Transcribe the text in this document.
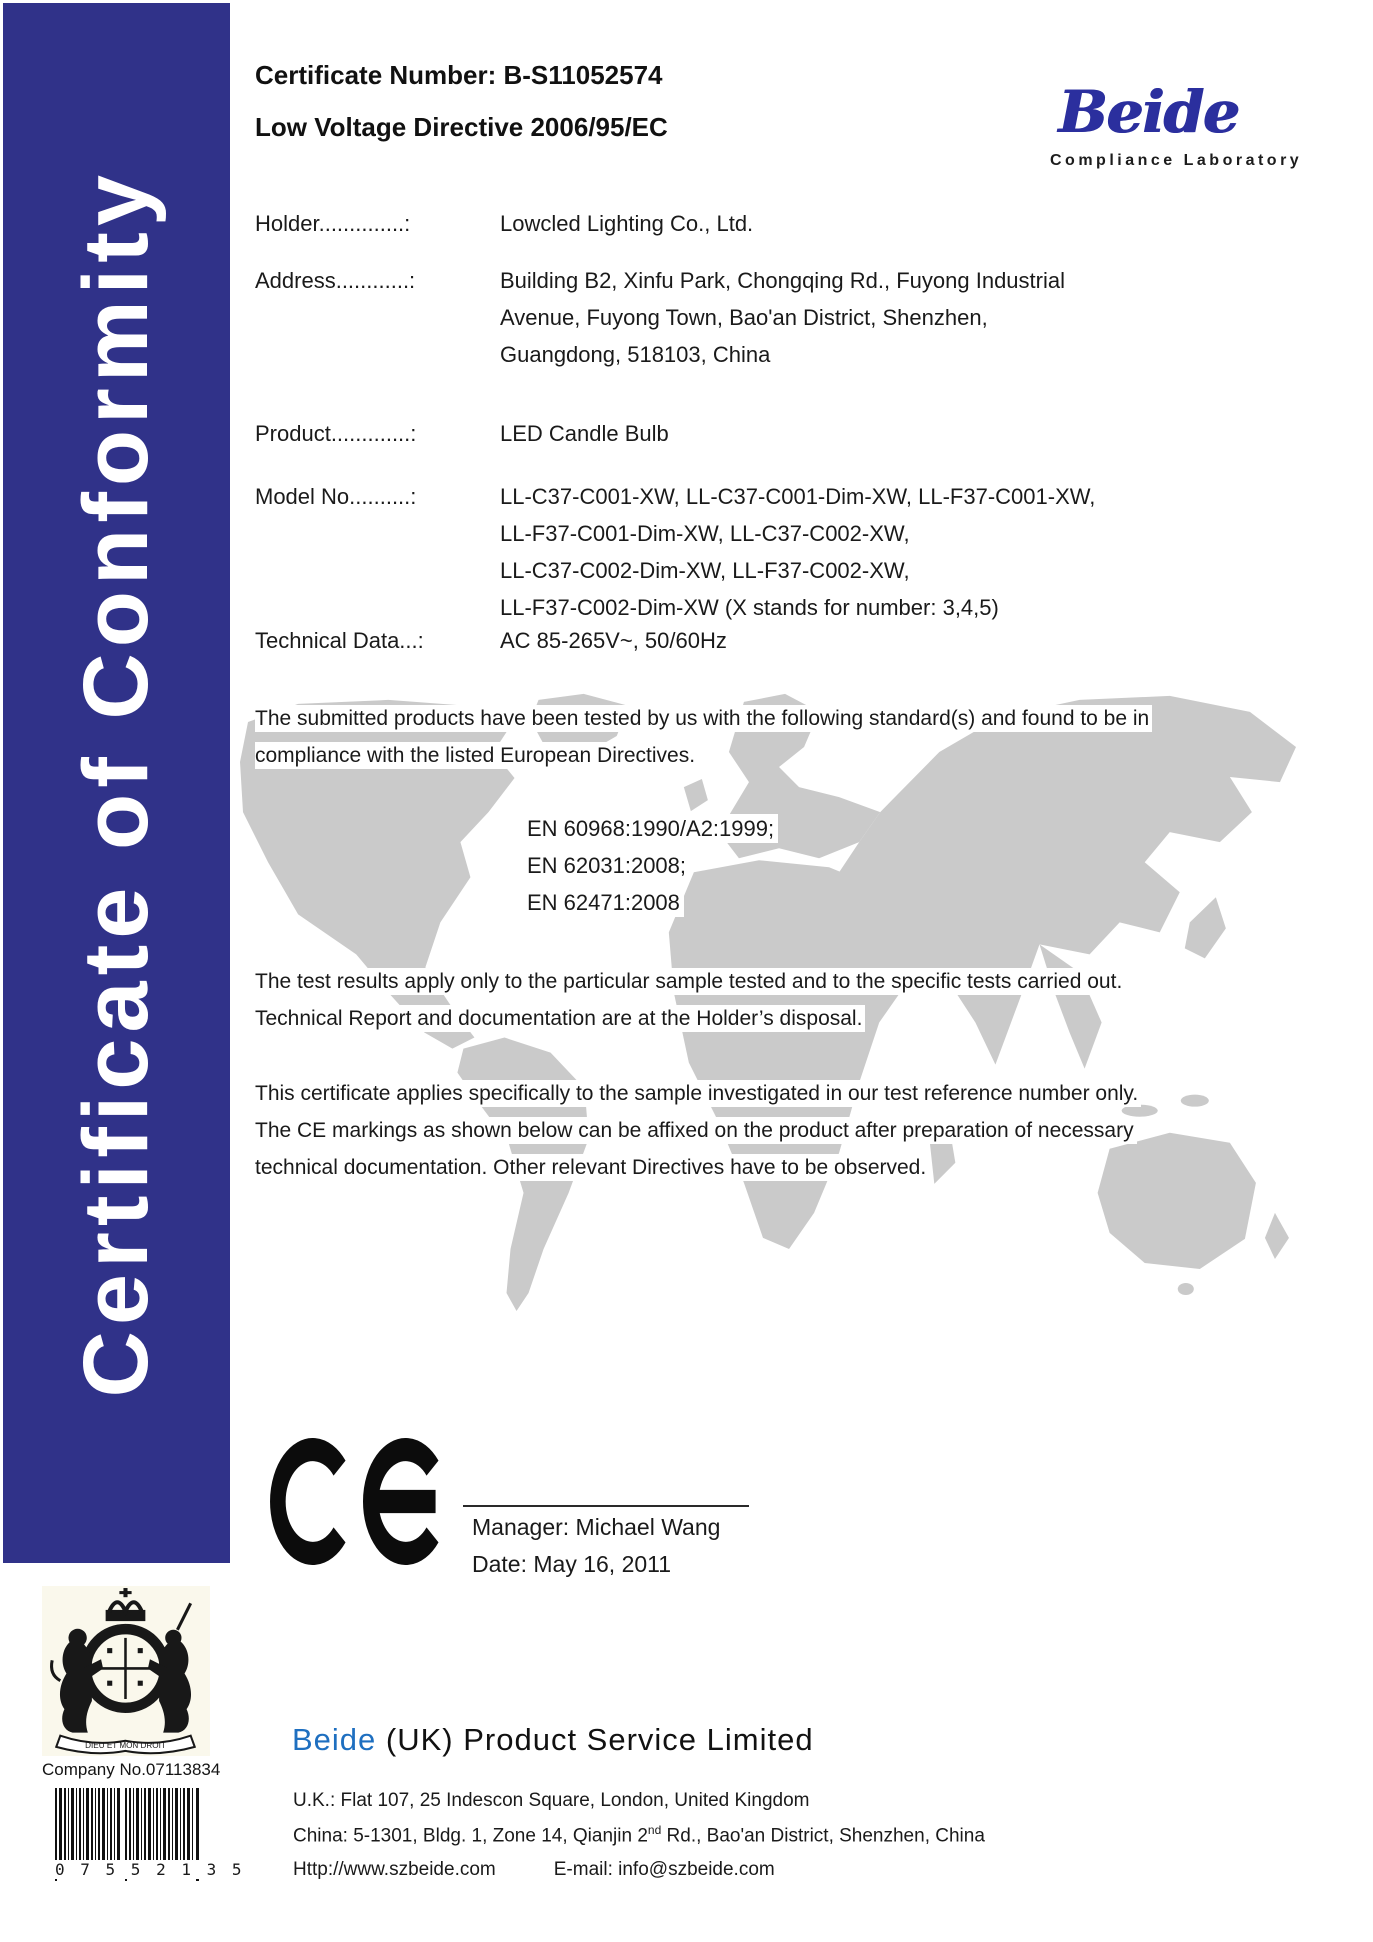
Certificate of Conformity
Certificate Number: B-S11052574
Low Voltage Directive 2006/95/EC	Beide
Compliance Laboratory
Holder..............:	Lowcled Lighting Co., Ltd.
Address............:	Building B2, Xinfu Park, Chongqing Rd., Fuyong Industrial
Avenue, Fuyong Town, Bao'an District, Shenzhen,
Guangdong, 518103, China
Product.............:	LED Candle Bulb
Model No..........:	LL-C37-C001-XW, LL-C37-C001-Dim-XW, LL-F37-C001-XW,
LL-F37-C001-Dim-XW, LL-C37-C002-XW,
LL-C37-C002-Dim-XW, LL-F37-C002-XW,
LL-F37-C002-Dim-XW (X stands for number: 3,4,5)
Technical Data...:	AC 85-265V~, 50/60Hz
The submitted products have been tested by us with the following standard(s) and found to be in
compliance with the listed European Directives.
EN 60968:1990/A2:1999;
EN 62031:2008;
EN 62471:2008
The test results apply only to the particular sample tested and to the specific tests carried out.
Technical Report and documentation are at the Holder’s disposal.
This certificate applies specifically to the sample investigated in our test reference number only.
The CE markings as shown below can be affixed on the product after preparation of necessary
technical documentation. Other relevant Directives have to be observed.
Manager: Michael Wang
Date: May 16, 2011
DIEU ET MON DROIT
Company No.07113834
0 7 5 5 2 1 3 5
Beide (UK) Product Service Limited
U.K.: Flat 107, 25 Indescon Square, London, United Kingdom
China: 5-1301, Bldg. 1, Zone 14, Qianjin 2nd Rd., Bao'an District, Shenzhen, China
Http://www.szbeide.com	E-mail: info@szbeide.com
